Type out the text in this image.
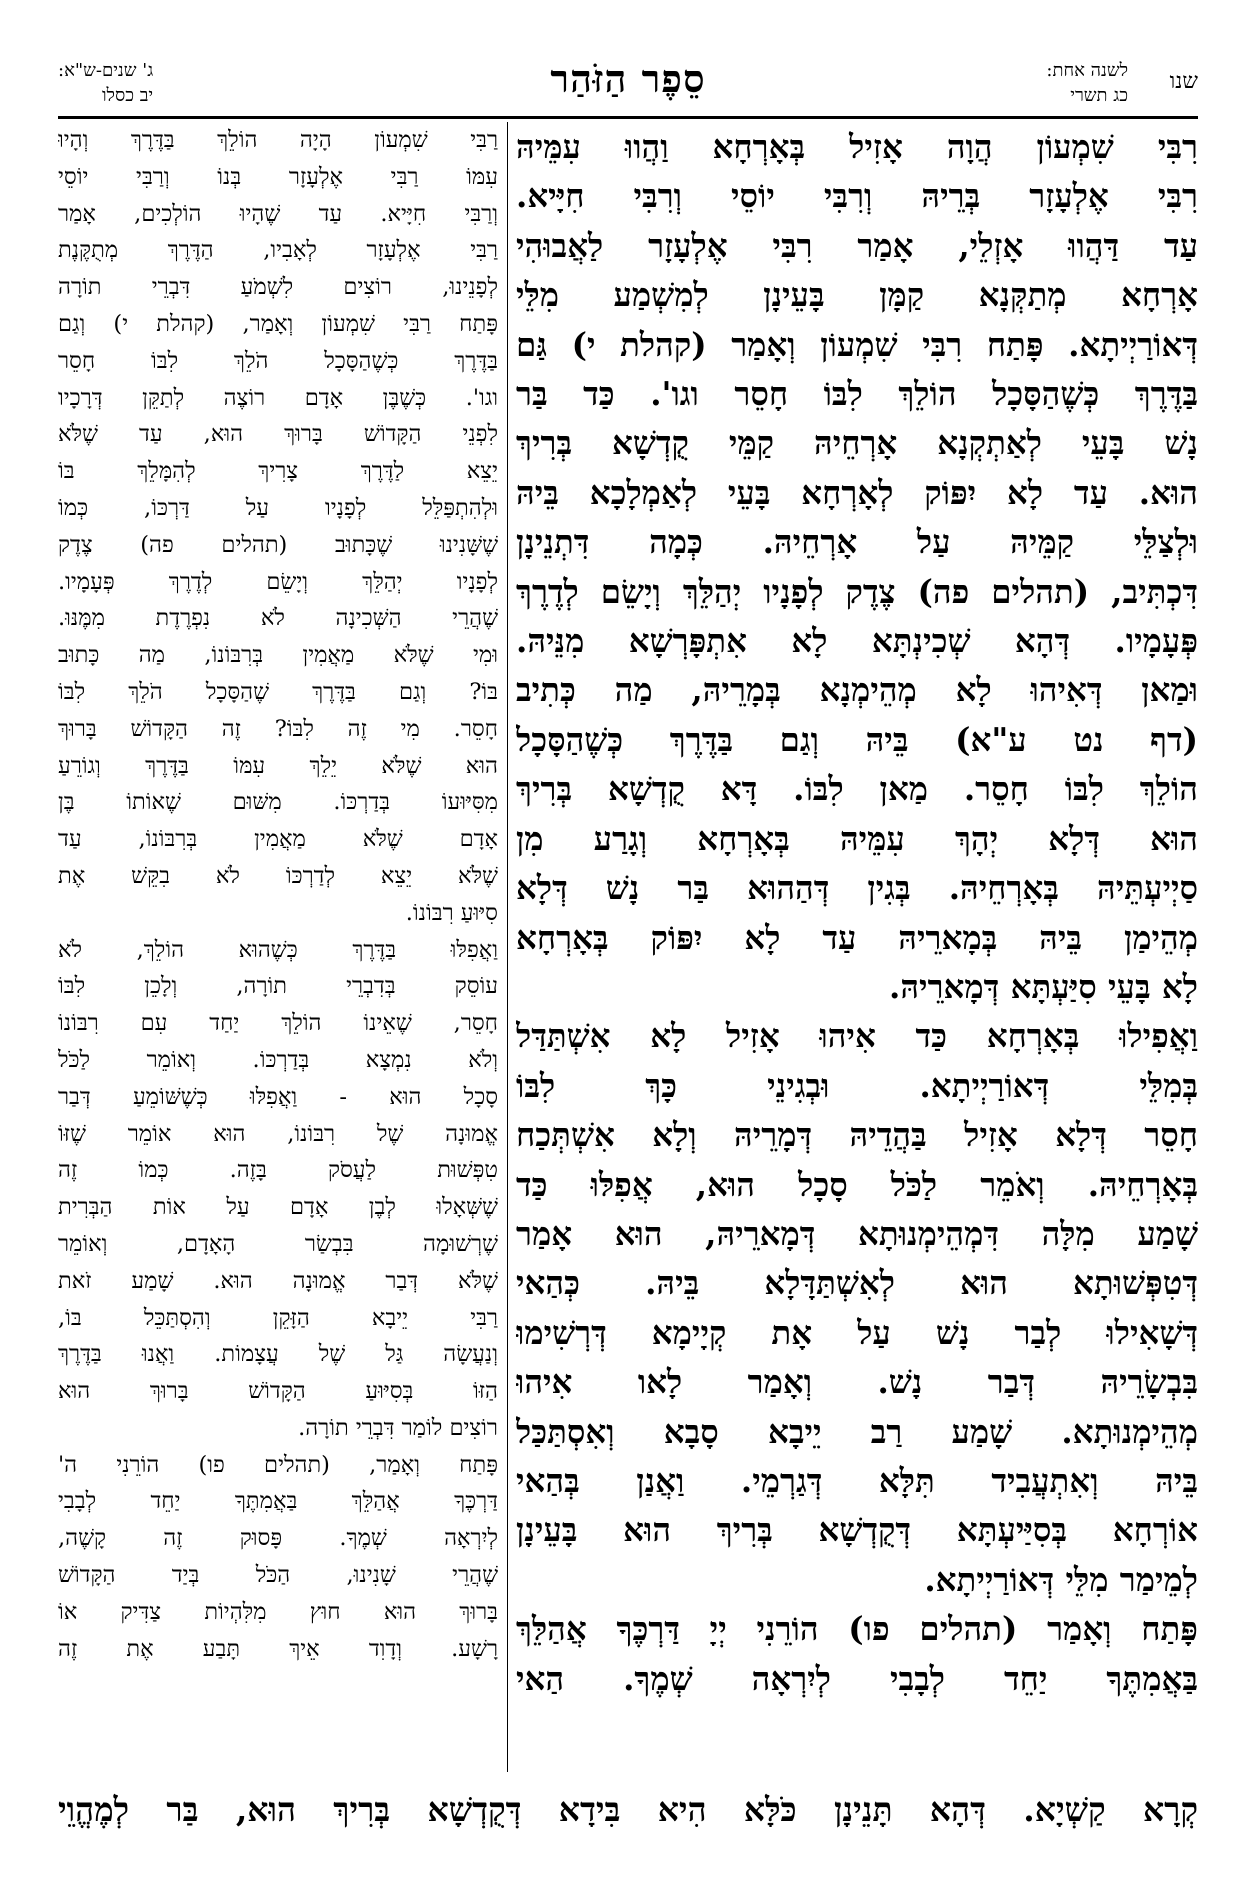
שנו
לשנה אחת:
כג תשרי
סֵפֶר הַזֹּהַר
ג' שנים-ש"א:
יב כסלו
רִבִּי שִׁמְעוֹן הֲוָה אָזִיל בְּאָרְחָא וַהֲווּ עִמֵּיהּ
רִבִּי אֶלְעָזָר בְּרֵיהּ וְרִבִּי יוֹסֵי וְרִבִּי חִיָּיא.
עַד דַּהֲווּ אָזְלֵי, אָמַר רִבִּי אֶלְעָזָר לַאֲבוּהִי
אָרְחָא מְתַקְּנָא קַמָּן בָּעֵינָן לְמִשְׁמַע מִלֵּי
דְּאוֹרַיְיתָא. פָּתַח רִבִּי שִׁמְעוֹן וְאָמַר (קהלת י) גַּם
בַּדֶּרֶךְ כְּשֶׁהַסָּכָל הוֹלֵךְ לִבּוֹ חָסֵר וגו'. כַּד בַּר
נָשׁ בָּעֵי לְאַתְקְנָא אָרְחֵיהּ קַמֵּי קֻדְשָׁא בְּרִיךְ
הוּא. עַד לָא יִפּוֹק לְאָרְחָא בָּעֵי לְאַמְלָכָא בֵּיהּ
וּלְצַלֵּי קַמֵּיהּ עַל אָרְחֵיהּ. כְּמָה דִּתְנֵינָן
דִּכְתִּיב, (תהלים פה) צֶדֶק לְפָנָיו יְהַלֵּךְ וְיָשֵׂם לְדֶרֶךְ
פְּעָמָיו. דְּהָא שְׁכִינְתָּא לָא אִתְפָּרְשָׁא מִנֵּיהּ.
וּמַאן דְּאִיהוּ לָא מְהֵימְנָא בְּמָרֵיהּ, מַה כְּתִיב
(דף נט ע"א) בֵּיהּ וְגַם בַּדֶּרֶךְ כְּשֶׁהַסָּכָל
הוֹלֵךְ לִבּוֹ חָסֵר. מַאן לִבּוֹ. דָּא קֻדְשָׁא בְּרִיךְ
הוּא דְּלָא יְהָךְ עִמֵּיהּ בְּאָרְחָא וְגָרַע מִן
סַיְיעְתֵּיהּ בְּאָרְחֵיהּ. בְּגִין דְּהַהוּא בַּר נָשׁ דְּלָא
מְהֵימַן בֵּיהּ בְּמָארֵיהּ עַד לָא יִפּוֹק בְּאָרְחָא
לָא בָּעֵי סִיַּעְתָּא דְּמָארֵיהּ.
וַאֲפִילוּ בְּאָרְחָא כַּד אִיהוּ אָזִיל לָא אִשְׁתַּדַּל
בְּמִלֵּי דְּאוֹרַיְיתָא. וּבְגִינֵי כָּךְ לִבּוֹ
חָסֵר דְּלָא אָזִיל בַּהֲדֵיהּ דְּמָרֵיהּ וְלָא אִשְׁתְּכַח
בְּאָרְחֵיהּ. וְאֹמֵר לַכֹּל סָכָל הוּא, אֲפִלּוּ כַּד
שָׁמַע מִלָּה דִּמְהֵימְנוּתָא דְּמָארֵיהּ, הוּא אָמַר
דְּטִפְּשׁוּתָא הוּא לְאִשְׁתַּדָּלָא בֵּיהּ. כְּהַאי
דְּשָׁאִילוּ לְבַר נָשׁ עַל אָת קְיָימָא דְּרְשִׁימוּ
בִּבְשָׂרֵיהּ דְּבַר נָשׁ. וְאָמַר לָאו אִיהוּ
מְהֵימְנוּתָא. שָׁמַע רַב יֵיבָא סָבָא וְאִסְתַּכַּל
בֵּיהּ וְאִתְעֲבִיד תִּלָּא דְּגַרְמֵי. וַאֲנַן בְּהַאי
אוֹרְחָא בְּסִיַּיעְתָּא דְּקֻדְשָׁא בְּרִיךְ הוּא בָּעֵינָן
לְמֵימַר מִלֵּי דְּאוֹרַיְיתָא.
פָּתַח וְאָמַר (תהלים פו) הוֹרֵנִי יְיָ דַּרְכֶּךָ אֲהַלֵּךְ
בַּאֲמִתֶּךָ יַחֵד לְבָבִי לְיִרְאָה שְׁמֶךָ. הַאי
רַבִּי שִׁמְעוֹן הָיָה הוֹלֵךְ בַּדֶּרֶךְ וְהָיוּ
עִמּוֹ רַבִּי אֶלְעָזָר בְּנוֹ וְרַבִּי יוֹסֵי
וְרַבִּי חִיָּיא. עַד שֶׁהָיוּ הוֹלְכִים, אָמַר
רַבִּי אֶלְעָזָר לְאָבִיו, הַדֶּרֶךְ מְתֻקֶּנֶת
לְפָנֵינוּ, רוֹצִים לִשְׁמֹעַ דִּבְרֵי תוֹרָה
פָּתַח רַבִּי שִׁמְעוֹן וְאָמַר, (קהלת י) וְגַם
בַּדֶּרֶךְ כְּשֶׁהַסָּכָל הֹלֵךְ לִבּוֹ חָסֵר
וגו'. כְּשֶׁבֶּן אָדָם רוֹצֶה לְתַקֵּן דְּרָכָיו
לִפְנֵי הַקָּדוֹשׁ בָּרוּךְ הוּא, עַד שֶׁלֹּא
יֵצֵא לַדֶּרֶךְ צָרִיךְ לְהִמָּלֵךְ בּוֹ
וּלְהִתְפַּלֵּל לְפָנָיו עַל דַּרְכּוֹ, כְּמוֹ
שֶׁשָּׁנִינוּ שֶׁכָּתוּב (תהלים פה) צֶדֶק
לְפָנָיו יְהַלֵּךְ וְיָשֵׂם לְדֶרֶךְ פְּעָמָיו.
שֶׁהֲרֵי הַשְּׁכִינָה לֹא נִפְרֶדֶת מִמֶּנּוּ.
וּמִי שֶׁלֹּא מַאֲמִין בְּרִבּוֹנוֹ, מַה כָּתוּב
בּוֹ? וְגַם בַּדֶּרֶךְ שֶׁהַסָּכָל הֹלֵךְ לִבּוֹ
חָסֵר. מִי זֶה לִבּוֹ? זֶה הַקָּדוֹשׁ בָּרוּךְ
הוּא שֶׁלֹּא יֵלֵךְ עִמּוֹ בַּדֶּרֶךְ וְגוֹרֵעַ
מִסִּיּוּעוֹ בְּדַרְכּוֹ. מִשּׁוּם שֶׁאוֹתוֹ בֶּן
אָדָם שֶׁלֹּא מַאֲמִין בְּרִבּוֹנוֹ, עַד
שֶׁלֹּא יֵצֵא לְדַרְכּוֹ לֹא בִקֵּשׁ אֶת
סִיּוּעַ רִבּוֹנוֹ.
וַאֲפִלּוּ בַּדֶּרֶךְ כְּשֶׁהוּא הוֹלֵךְ, לֹא
עוֹסֵק בְּדִבְרֵי תוֹרָה, וְלָכֵן לִבּוֹ
חָסֵר, שֶׁאֵינוֹ הוֹלֵךְ יַחַד עִם רִבּוֹנוֹ
וְלֹא נִמְצָא בְּדַרְכּוֹ. וְאוֹמֵר לַכֹּל
סָכָל הוּא - וַאֲפִלּוּ כְּשֶׁשּׁוֹמֵעַ דְּבַר
אֱמוּנָה שֶׁל רִבּוֹנוֹ, הוּא אוֹמֵר שֶׁזּוֹ
טִפְּשׁוּת לַעֲסֹק בָּזֶה. כְּמוֹ זֶה
שֶׁשְּׁאָלוּ לְבֶן אָדָם עַל אוֹת הַבְּרִית
שֶׁרְשׁוּמָה בִּבְשַׂר הָאָדָם, וְאוֹמֵר
שֶׁלֹּא דְּבַר אֱמוּנָה הוּא. שָׁמַע זֹאת
רַבִּי יֵיבָא הַזָּקֵן וְהִסְתַּכֵּל בּוֹ,
וְנַעֲשָׂה גַּל שֶׁל עֲצָמוֹת. וַאֲנוּ בַּדֶּרֶךְ
הַזּוֹ בְּסִיּוּעַ הַקָּדוֹשׁ בָּרוּךְ הוּא
רוֹצִים לוֹמַר דִּבְרֵי תוֹרָה.
פָּתַח וְאָמַר, (תהלים פו) הוֹרֵנִי ה'
דַּרְכֶּךָ אֲהַלֵּךְ בַּאֲמִתֶּךָ יַחֵד לְבָבִי
לְיִרְאָה שְׁמֶךָ. פָּסוּק זֶה קָשֶׁה,
שֶׁהֲרֵי שָׁנִינוּ, הַכֹּל בְּיַד הַקָּדוֹשׁ
בָּרוּךְ הוּא חוּץ מִלִּהְיוֹת צַדִּיק אוֹ
רָשָׁע. וְדָוִד אֵיךְ תָּבַע אֶת זֶה
קְרָא קַשְׁיָא. דְּהָא תָּנֵינָן כֹּלָּא הִיא בִּידָא דְּקֻדְשָׁא בְּרִיךְ הוּא, בַּר לְמֶהֱוֵי
